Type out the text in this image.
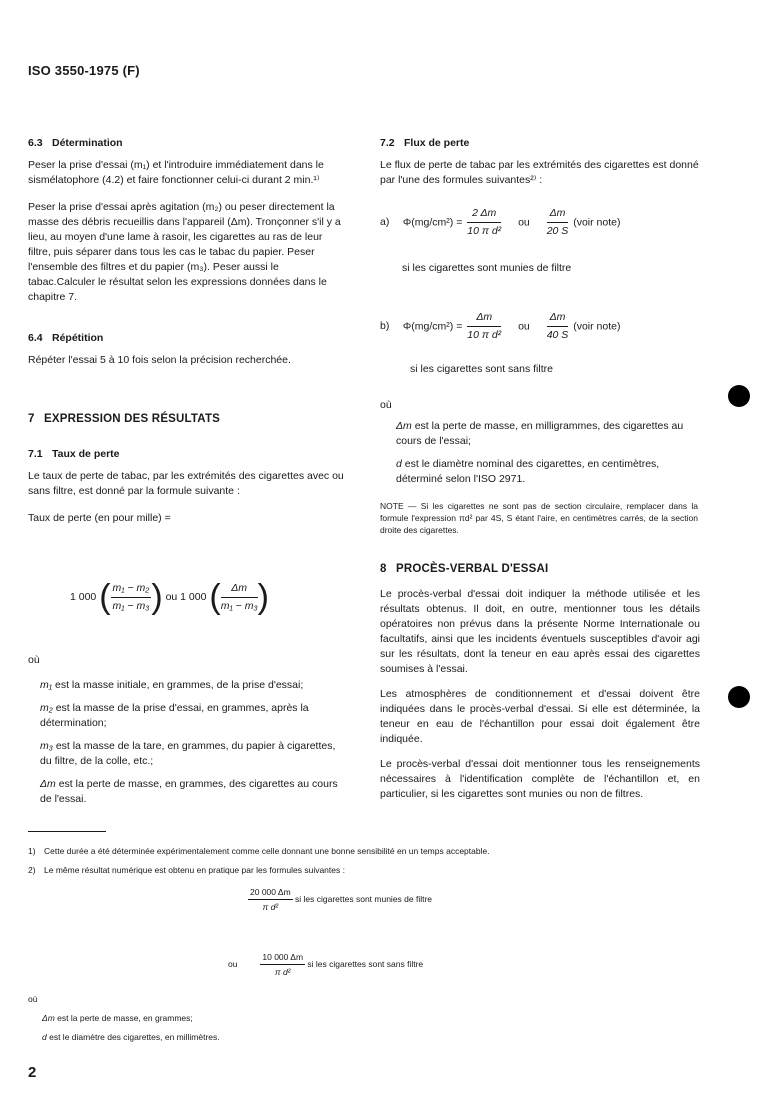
ISO 3550-1975 (F)

6.3 Détermination

Peser la prise d'essai (m₁) et l'introduire immédiatement dans le sismélatophore (4.2) et faire fonctionner celui-ci durant 2 min.¹⁾

Peser la prise d'essai après agitation (m₂) ou peser directement la masse des débris recueillis dans l'appareil (Δm). Tronçonner s'il y a lieu, au moyen d'une lame à rasoir, les cigarettes au ras de leur filtre, puis séparer dans tous les cas le tabac du papier. Peser l'ensemble des filtres et du papier (m₃). Peser aussi le tabac.Calculer le résultat selon les expressions données dans le chapitre 7.

6.4 Répétition

Répéter l'essai 5 à 10 fois selon la précision recherchée.

7 EXPRESSION DES RÉSULTATS

7.1 Taux de perte

Le taux de perte de tabac, par les extrémités des cigarettes avec ou sans filtre, est donné par la formule suivante :

Taux de perte (en pour mille) =

1 000 ( $\frac{\text{m₁ − m₂}}{\text{m₁ − m₃}}$ ) ou 1 000 ( $\frac{\Delta m}{\text{m₁ − m₃}}$ )
où

m₁ est la masse initiale, en grammes, de la prise d'essai;

m₂ est la masse de la prise d'essai, en grammes, après la détermination;

m₃ est la masse de la tare, en grammes, du papier à cigarettes, du filtre, de la colle, etc.;

Δm est la perte de masse, en grammes, des cigarettes au cours de l'essai.

7.2 Flux de perte

Le flux de perte de tabac par les extrémités des cigarettes est donné par l'une des formules suivantes²⁾ :

a) $\Phi(mg/cm^2) = \frac{2 \Delta m}{\text{10 π d²}}$ ou $\frac{\Delta m}{20 S}$ (voir note)
si les cigarettes sont munies de filtre
b) $\Phi(mg/cm^2) = \frac{\Delta m}{\text{10 π d²}}$ ou $\frac{\Delta m}{40 S}$ (voir note)
si les cigarettes sont sans filtre
où

Δm est la perte de masse, en milligrammes, des cigarettes au cours de l'essai;

d est le diamètre nominal des cigarettes, en centimètres, déterminé selon l'ISO 2971.

NOTE — Si les cigarettes ne sont pas de section circulaire, remplacer dans la formule l'expression πd² par 4S, S étant l'aire, en centimètres carrés, de la section droite des cigarettes.

8 PROCÈS-VERBAL D'ESSAI

Le procès-verbal d'essai doit indiquer la méthode utilisée et les résultats obtenus. Il doit, en outre, mentionner tous les détails opératoires non prévus dans la présente Norme Internationale ou facultatifs, ainsi que les incidents éventuels susceptibles d'avoir agi sur les résultats, dont la teneur en eau après essai des cigarettes soumises à l'essai.

Les atmosphères de conditionnement et d'essai doivent être indiquées dans le procès-verbal d'essai. Si elle est déterminée, la teneur en eau de l'échantillon pour essai doit également être indiquée.

Le procès-verbal d'essai doit mentionner tous les renseignements nécessaires à l'identification complète de l'échantillon et, en particulier, si les cigarettes sont munies ou non de filtres.

1) Cette durée a été déterminée expérimentalement comme celle donnant une bonne sensibilité en un temps acceptable.
2) Le même résultat numérique est obtenu en pratique par les formules suivantes :
$\frac{20 000 \Delta m}{\text{π d²}}$ si les cigarettes sont munies de filtre
ou	$\frac{10 000 \Delta m}{\text{π d²}}$ si les cigarettes sont sans filtre
où

Δm est la perte de masse, en grammes;

d est le diamètre des cigarettes, en millimètres.

2
